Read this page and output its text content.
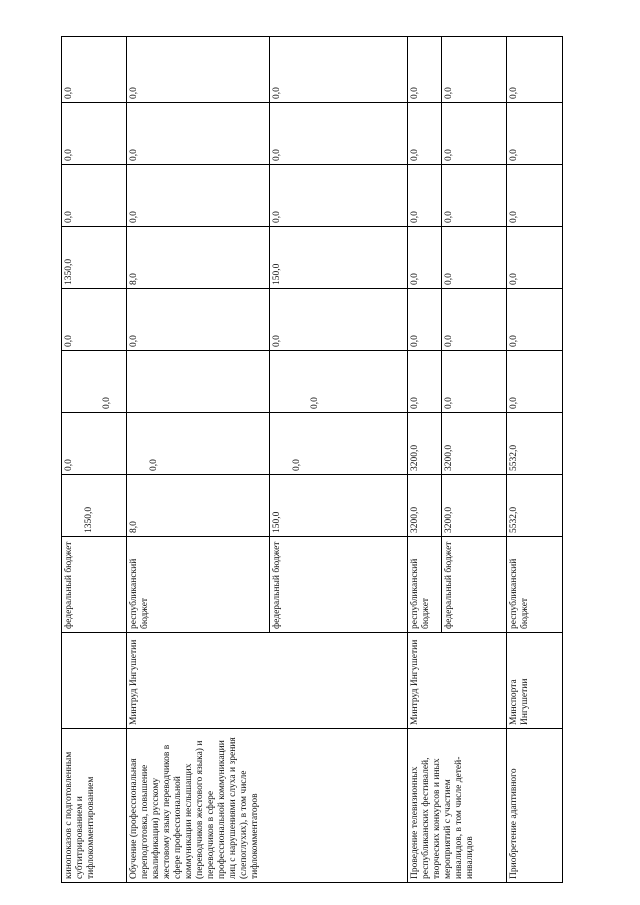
кинопоказов с подготовленным субтитрированием и тифлокомментированием		федеральный бюджет	1350,0	0,0	0,0	0,0	1350,0	0,0	0,0	0,0
Обучение (профессиональная переподготовка, повышение квалификации) русскому жестовому языку переводчиков в сфере профессиональной коммуникации неслышащих (переводчиков жестового языка) и переводчиков в сфере профессиональной коммуникации лиц с нарушениями слуха и зрения (слепоглухих), в том числе тифлокомментаторов	Минтруд Ингушетии	республиканский бюджет	8,0	0,0		0,0	8,0	0,0	0,0	0,0
		федеральный бюджет	150,0	0,0	0,0	0,0	150,0	0,0	0,0	0,0
Проведение телевизионных республиканских фестивалей, творческих конкурсов и иных мероприятий с участием инвалидов, в том числе детей-инвалидов	Минтруд Ингушетии	республиканский бюджет	3200,0	3200,0	0,0	0,0	0,0	0,0	0,0	0,0
		федеральный бюджет	3200,0	3200,0	0,0	0,0	0,0	0,0	0,0	0,0
Приобретение адаптивного	Минспорта Ингушетии	республиканский бюджет	5532,0	5532,0	0,0	0,0	0,0	0,0	0,0	0,0
